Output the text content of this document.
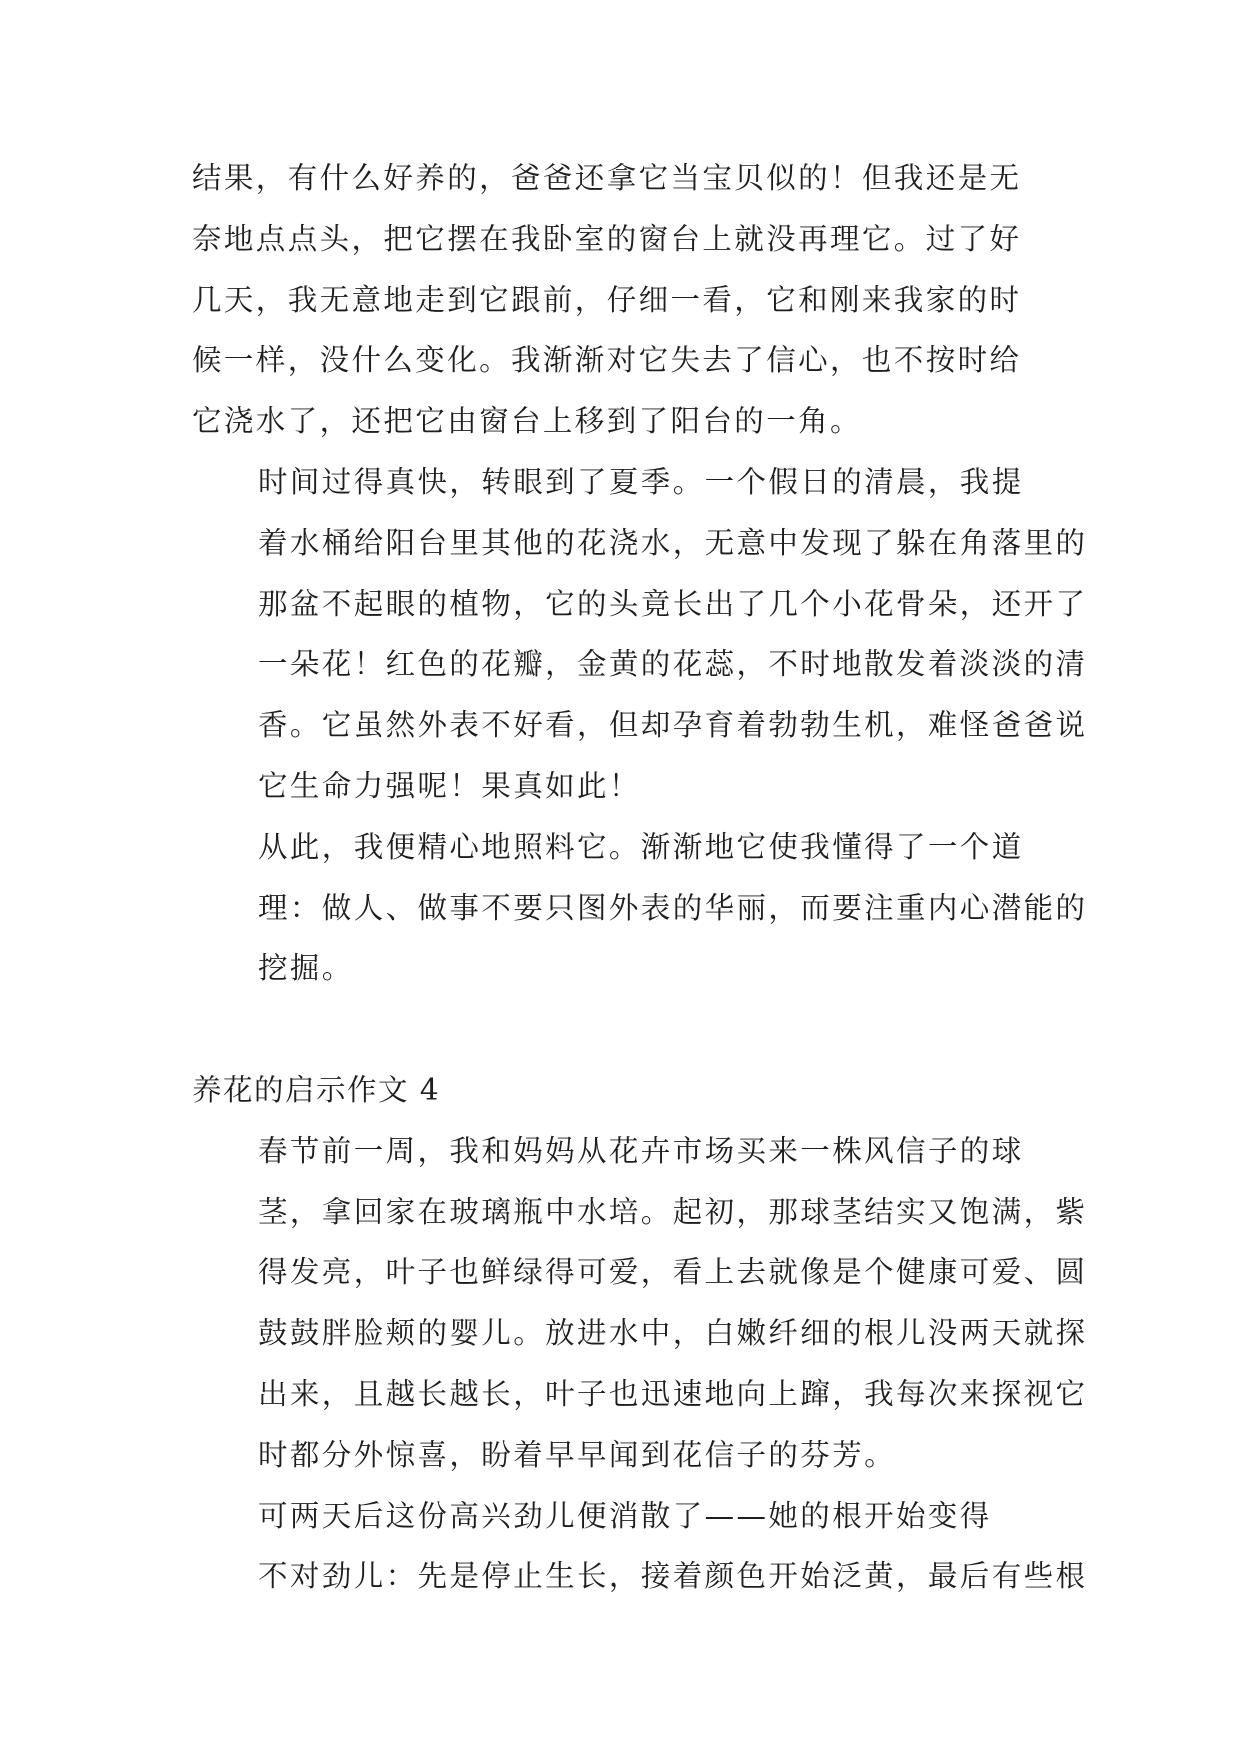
结果，有什么好养的，爸爸还拿它当宝贝似的！但我还是无
奈地点点头，把它摆在我卧室的窗台上就没再理它。过了好
几天，我无意地走到它跟前，仔细一看，它和刚来我家的时
候一样，没什么变化。我渐渐对它失去了信心，也不按时给
它浇水了，还把它由窗台上移到了阳台的一角。

时间过得真快，转眼到了夏季。一个假日的清晨，我提
着水桶给阳台里其他的花浇水，无意中发现了躲在角落里的
那盆不起眼的植物，它的头竟长出了几个小花骨朵，还开了
一朵花！红色的花瓣，金黄的花蕊，不时地散发着淡淡的清
香。它虽然外表不好看，但却孕育着勃勃生机，难怪爸爸说
它生命力强呢！果真如此！

从此，我便精心地照料它。渐渐地它使我懂得了一个道
理：做人、做事不要只图外表的华丽，而要注重内心潜能的
挖掘。

养花的启示作文 4

春节前一周，我和妈妈从花卉市场买来一株风信子的球
茎，拿回家在玻璃瓶中水培。起初，那球茎结实又饱满，紫
得发亮，叶子也鲜绿得可爱，看上去就像是个健康可爱、圆
鼓鼓胖脸颊的婴儿。放进水中，白嫩纤细的根儿没两天就探
出来，且越长越长，叶子也迅速地向上蹿，我每次来探视它
时都分外惊喜，盼着早早闻到花信子的芬芳。

可两天后这份高兴劲儿便消散了——她的根开始变得
不对劲儿：先是停止生长，接着颜色开始泛黄，最后有些根
